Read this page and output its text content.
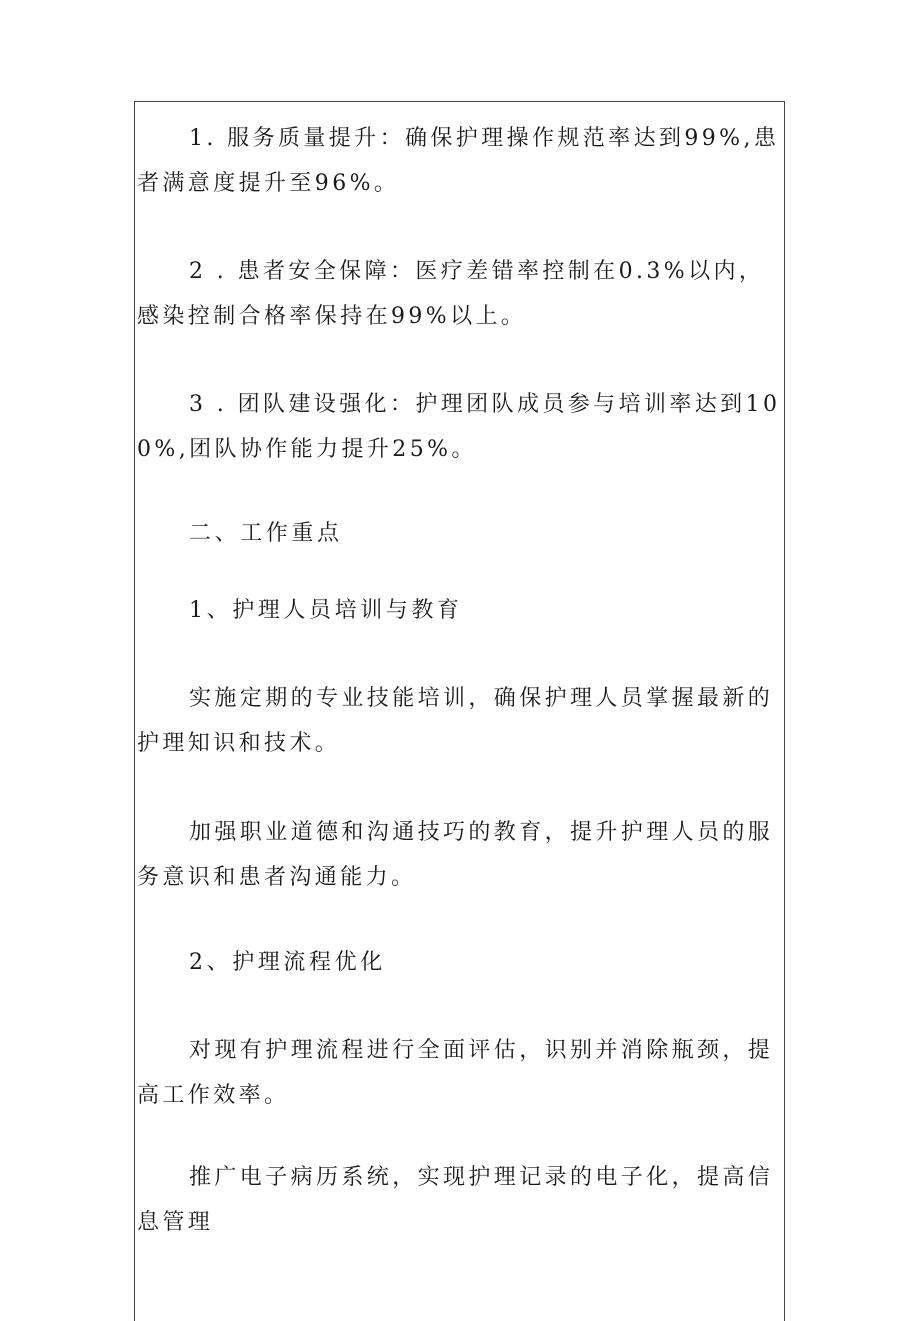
1. 服务质量提升：确保护理操作规范率达到99%,患者满意度提升至96%。

2 . 患者安全保障：医疗差错率控制在0.3%以内，感染控制合格率保持在99%以上。

3 . 团队建设强化：护理团队成员参与培训率达到100%,团队协作能力提升25%。

二、工作重点

1、护理人员培训与教育

实施定期的专业技能培训，确保护理人员掌握最新的护理知识和技术。

加强职业道德和沟通技巧的教育，提升护理人员的服务意识和患者沟通能力。

2、护理流程优化

对现有护理流程进行全面评估，识别并消除瓶颈，提高工作效率。

推广电子病历系统，实现护理记录的电子化，提高信息管理
